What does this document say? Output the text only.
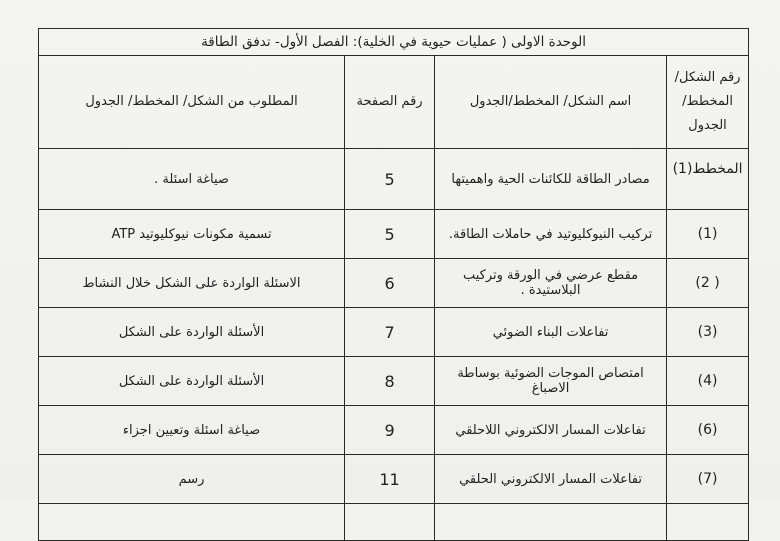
الوحدة الاولى ( عمليات حيوية في الخلية): الفصل الأول- تدفق الطاقة			
رقم الشكل/ المخطط/ الجدول	اسم الشكل/ المخطط/الجدول	رقم الصفحة	المطلوب من الشكل/ المخطط/ الجدول
المخطط(1)	مصادر الطاقة للكائنات الحية واهميتها	5	صياغة اسئلة .
(1)	تركيب النيوكليوتيد في حاملات الطاقة.	5	تسمية مكونات نيوكليوتيد ATP
( 2)	مقطع عرضي في الورقة وتركيب البلاستيدة .	6	الاسئلة الواردة على الشكل خلال النشاط
(3)	تفاعلات البناء الضوئي	7	الأسئلة الواردة على الشكل
(4)	امتصاص الموجات الضوئية بوساطة الاصباغ	8	الأسئلة الواردة على الشكل
(6)	تفاعلات المسار الالكتروني اللاحلقي	9	صياغة اسئلة وتعيين اجزاء
(7)	تفاعلات المسار الالكتروني الحلقي	11	رسم
